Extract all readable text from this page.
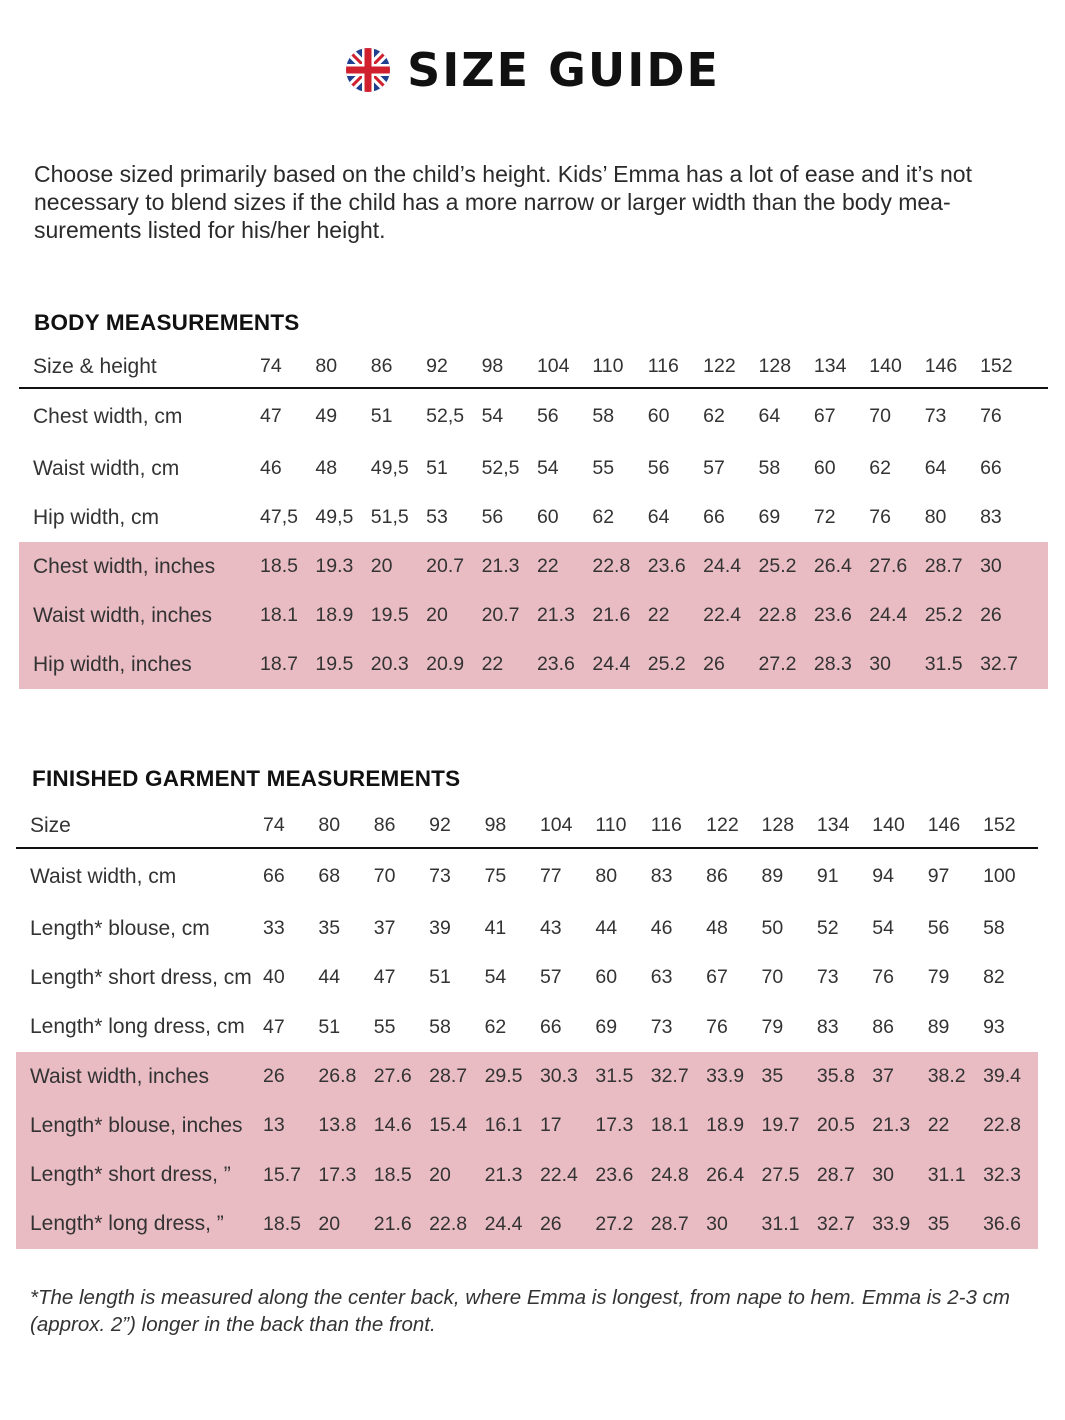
SIZE GUIDE

Choose sized primarily based on the child’s height. Kids’ Emma has a lot of ease and it’s not necessary to blend sizes if the child has a more narrow or larger width than the body mea-surements listed for his/her height.

BODY MEASUREMENTS
Size & height	74	80	86	92	98	104	110	116	122	128	134	140	146	152	
Chest width, cm	47	49	51	52,5	54	56	58	60	62	64	67	70	73	76	
Waist width, cm	46	48	49,5	51	52,5	54	55	56	57	58	60	62	64	66	
Hip width, cm	47,5	49,5	51,5	53	56	60	62	64	66	69	72	76	80	83	
Chest width, inches	18.5	19.3	20	20.7	21.3	22	22.8	23.6	24.4	25.2	26.4	27.6	28.7	30	
Waist width, inches	18.1	18.9	19.5	20	20.7	21.3	21.6	22	22.4	22.8	23.6	24.4	25.2	26	
Hip width, inches	18.7	19.5	20.3	20.9	22	23.6	24.4	25.2	26	27.2	28.3	30	31.5	32.7	
FINISHED GARMENT MEASUREMENTS
Size	74	80	86	92	98	104	110	116	122	128	134	140	146	152	
Waist width, cm	66	68	70	73	75	77	80	83	86	89	91	94	97	100	
Length* blouse, cm	33	35	37	39	41	43	44	46	48	50	52	54	56	58	
Length* short dress, cm	40	44	47	51	54	57	60	63	67	70	73	76	79	82	
Length* long dress, cm	47	51	55	58	62	66	69	73	76	79	83	86	89	93	
Waist width, inches	26	26.8	27.6	28.7	29.5	30.3	31.5	32.7	33.9	35	35.8	37	38.2	39.4	
Length* blouse, inches	13	13.8	14.6	15.4	16.1	17	17.3	18.1	18.9	19.7	20.5	21.3	22	22.8	
Length* short dress, ”	15.7	17.3	18.5	20	21.3	22.4	23.6	24.8	26.4	27.5	28.7	30	31.1	32.3	
Length* long dress, ”	18.5	20	21.6	22.8	24.4	26	27.2	28.7	30	31.1	32.7	33.9	35	36.6	

*The length is measured along the center back, where Emma is longest, from nape to hem. Emma is 2-3 cm (approx. 2”) longer in the back than the front.
